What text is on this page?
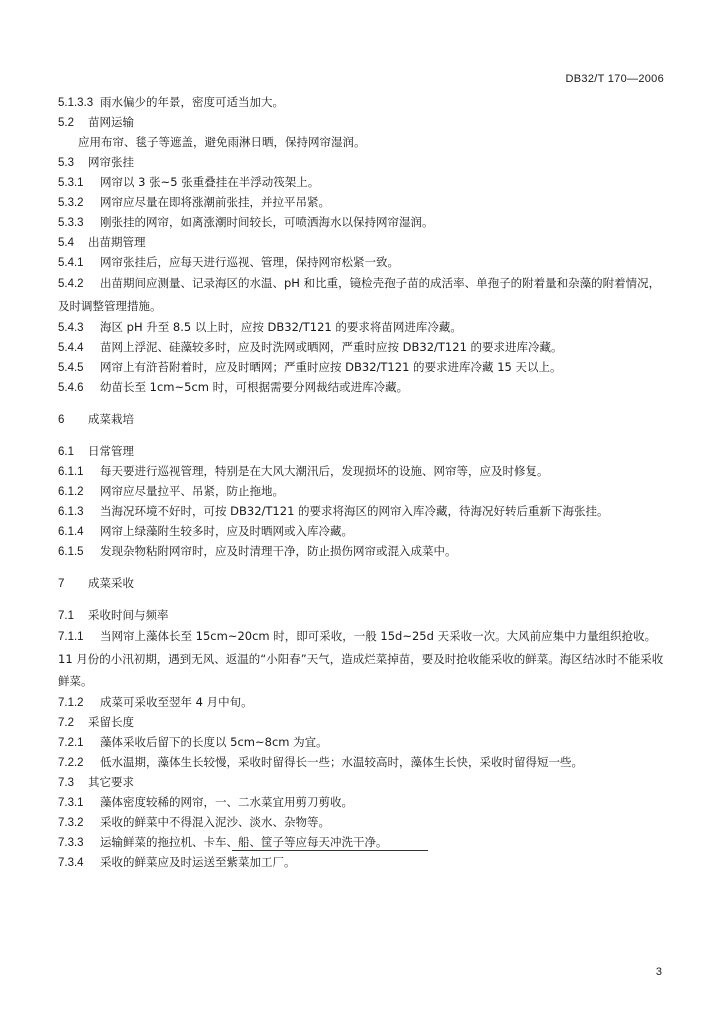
DB32/T 170—2006
5.1.3.3 雨水偏少的年景，密度可适当加大。
5.2 苗网运输
应用布帘、毯子等遮盖，避免雨淋日晒，保持网帘湿润。
5.3 网帘张挂
5.3.1 网帘以 3 张~5 张重叠挂在半浮动筏架上。
5.3.2 网帘应尽量在即将涨潮前张挂，并拉平吊紧。
5.3.3 刚张挂的网帘，如离涨潮时间较长，可喷洒海水以保持网帘湿润。
5.4 出苗期管理
5.4.1 网帘张挂后，应每天进行巡视、管理，保持网帘松紧一致。
5.4.2 出苗期间应测量、记录海区的水温、pH 和比重，镜检壳孢子苗的成活率、单孢子的附着量和杂藻的附着情况，及时调整管理措施。
5.4.3 海区 pH 升至 8.5 以上时，应按 DB32/T121 的要求将苗网进库冷藏。
5.4.4 苗网上浮泥、硅藻较多时，应及时洗网或晒网，严重时应按 DB32/T121 的要求进库冷藏。
5.4.5 网帘上有浒苔附着时，应及时晒网；严重时应按 DB32/T121 的要求进库冷藏 15 天以上。
5.4.6 幼苗长至 1cm~5cm 时，可根据需要分网裁结或进库冷藏。
6 成菜栽培
6.1 日常管理
6.1.1 每天要进行巡视管理，特别是在大风大潮汛后，发现损坏的设施、网帘等，应及时修复。
6.1.2 网帘应尽量拉平、吊紧，防止拖地。
6.1.3 当海况环境不好时，可按 DB32/T121 的要求将海区的网帘入库冷藏，待海况好转后重新下海张挂。
6.1.4 网帘上绿藻附生较多时，应及时晒网或入库冷藏。
6.1.5 发现杂物粘附网帘时，应及时清理干净，防止损伤网帘或混入成菜中。
7 成菜采收
7.1 采收时间与频率
7.1.1 当网帘上藻体长至 15cm~20cm 时，即可采收，一般 15d~25d 天采收一次。大风前应集中力量组织抢收。11 月份的小汛初期，遇到无风、返温的“小阳春”天气，造成烂菜掉苗，要及时抢收能采收的鲜菜。海区结冰时不能采收鲜菜。
7.1.2 成菜可采收至翌年 4 月中旬。
7.2 采留长度
7.2.1 藻体采收后留下的长度以 5cm~8cm 为宜。
7.2.2 低水温期，藻体生长较慢，采收时留得长一些；水温较高时，藻体生长快，采收时留得短一些。
7.3 其它要求
7.3.1 藻体密度较稀的网帘，一、二水菜宜用剪刀剪收。
7.3.2 采收的鲜菜中不得混入泥沙、淡水、杂物等。
7.3.3 运输鲜菜的拖拉机、卡车、船、筐子等应每天冲洗干净。
7.3.4 采收的鲜菜应及时运送至紫菜加工厂。
3
